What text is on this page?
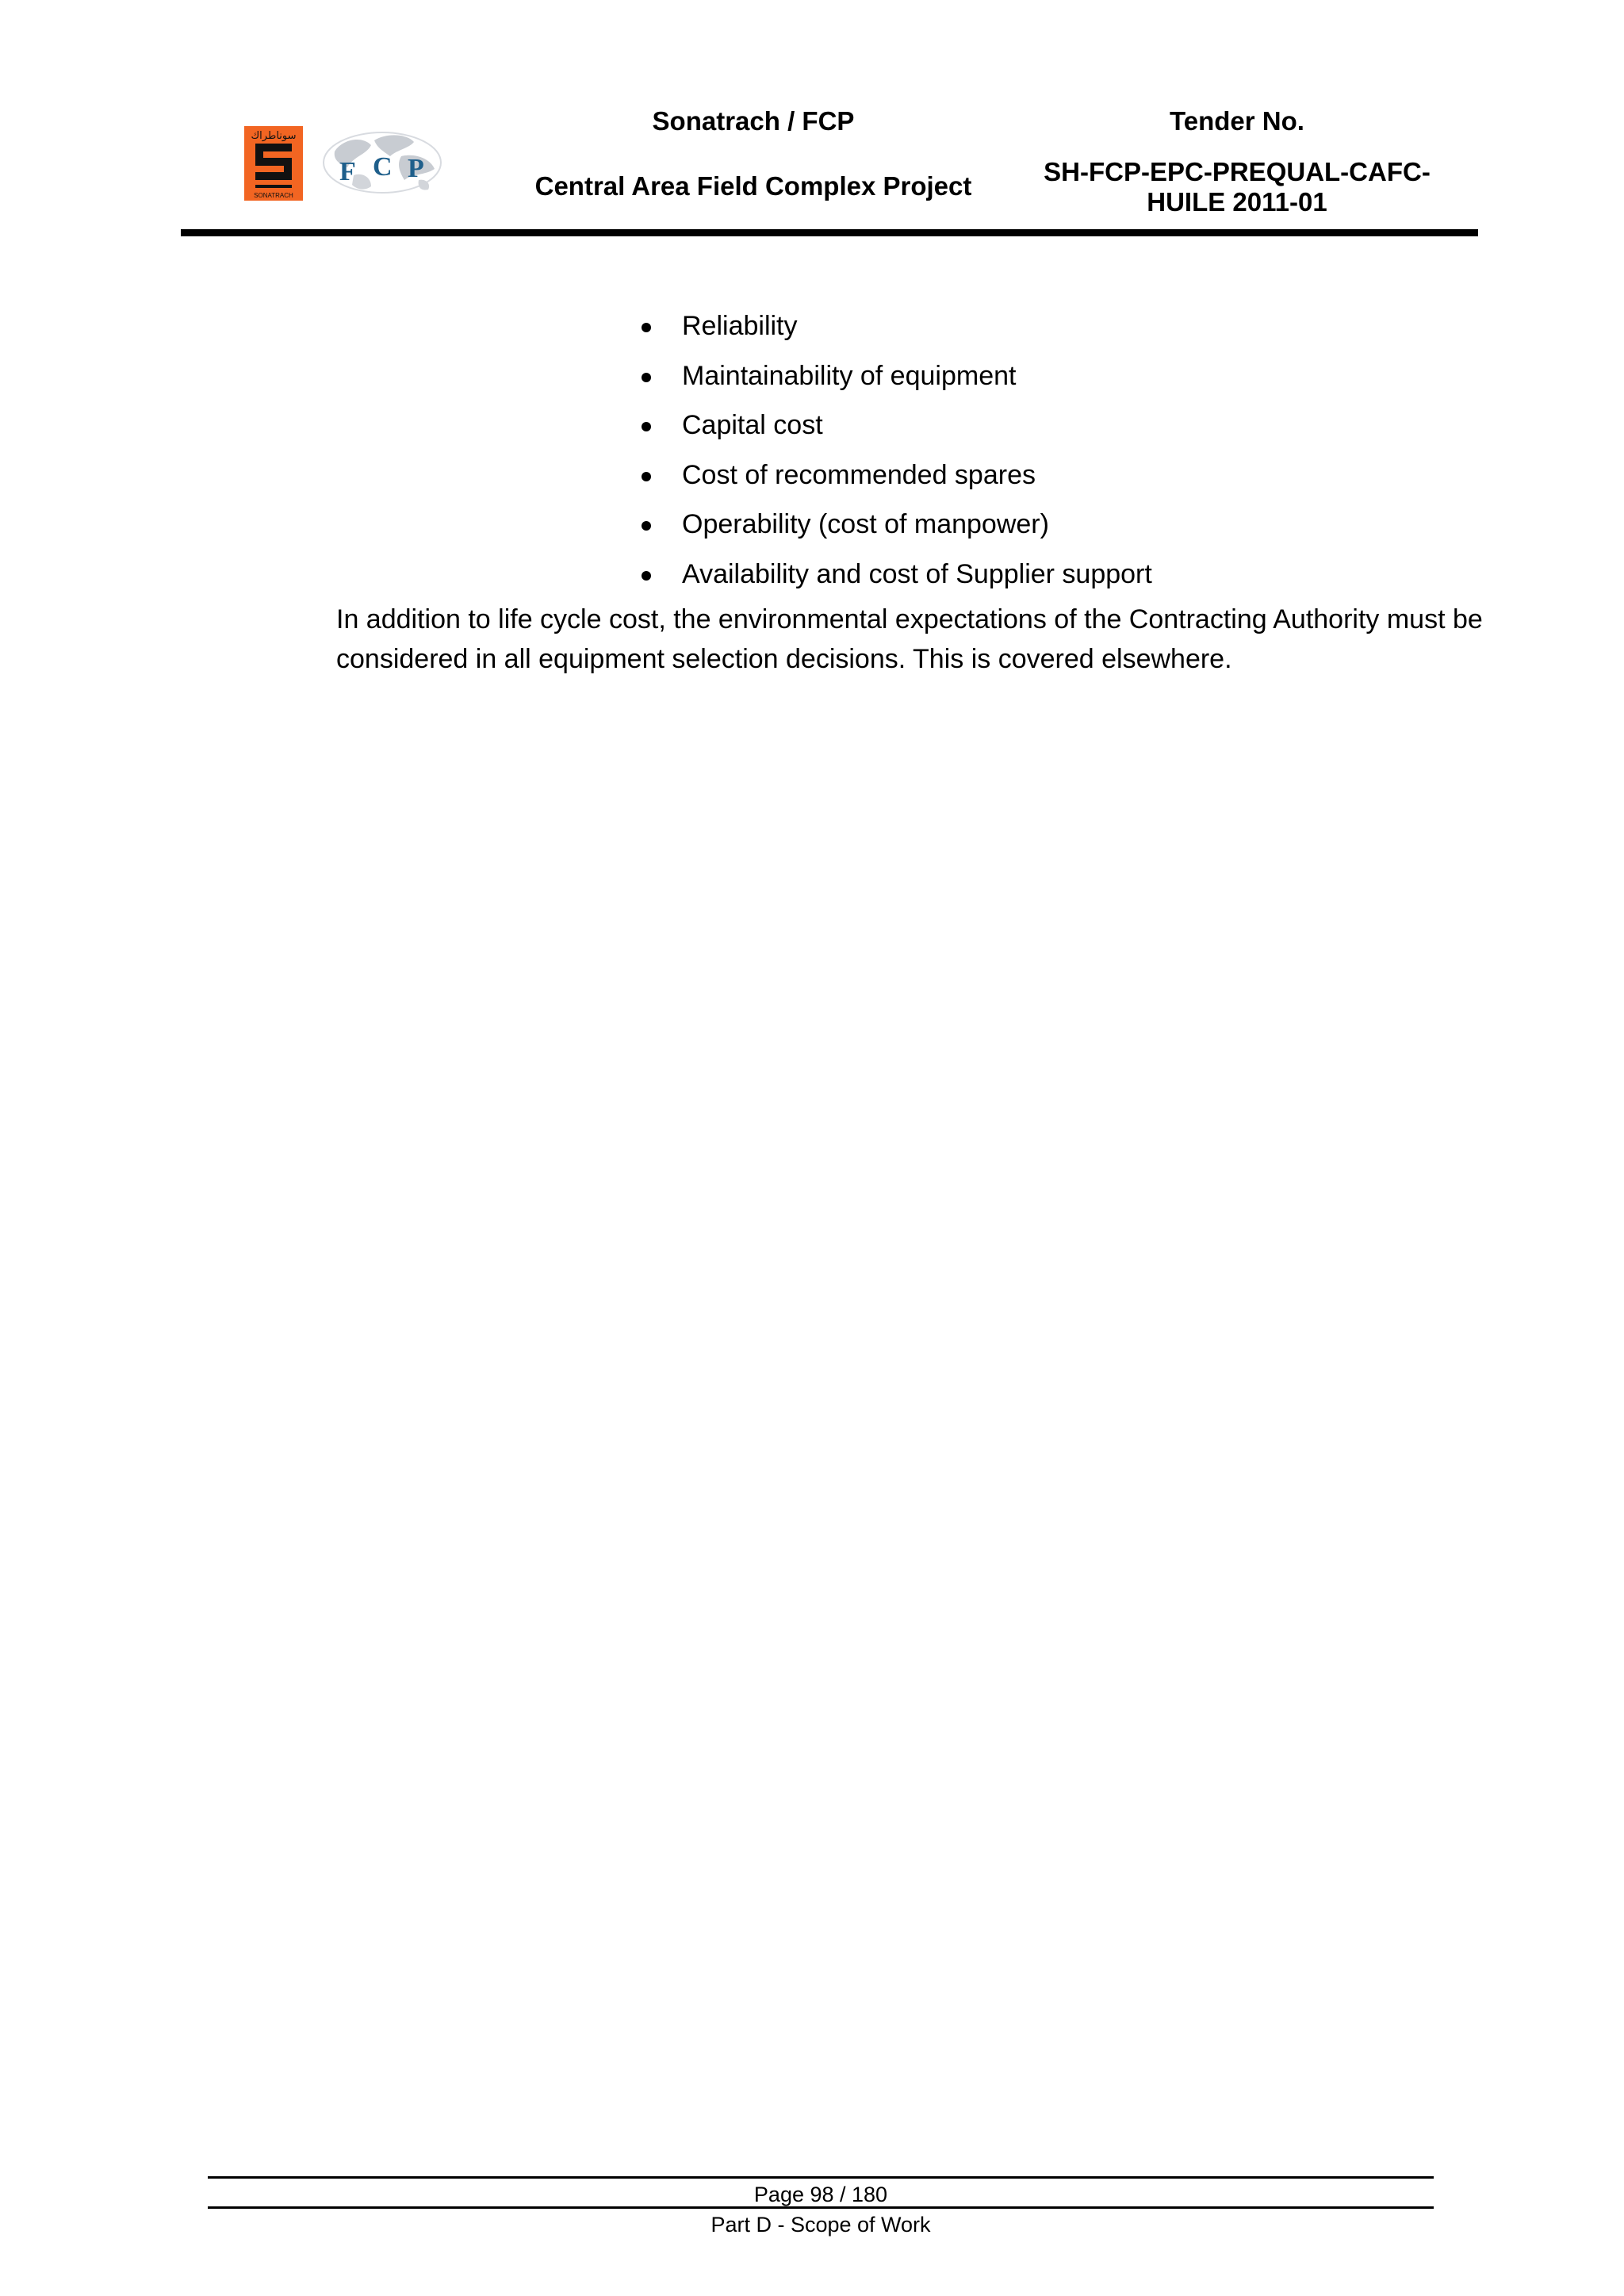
سوناطراك
SONATRACH
F C P
Sonatrach / FCP
Central Area Field Complex Project
Tender No.
SH-FCP-EPC-PREQUAL-CAFC-HUILE 2011-01
Reliability
Maintainability of equipment
Capital cost
Cost of recommended spares
Operability (cost of manpower)
Availability and cost of Supplier support

In addition to life cycle cost, the environmental expectations of the Contracting Authority must be considered in all equipment selection decisions. This is covered elsewhere.

Page 98 / 180
Part D - Scope of Work
